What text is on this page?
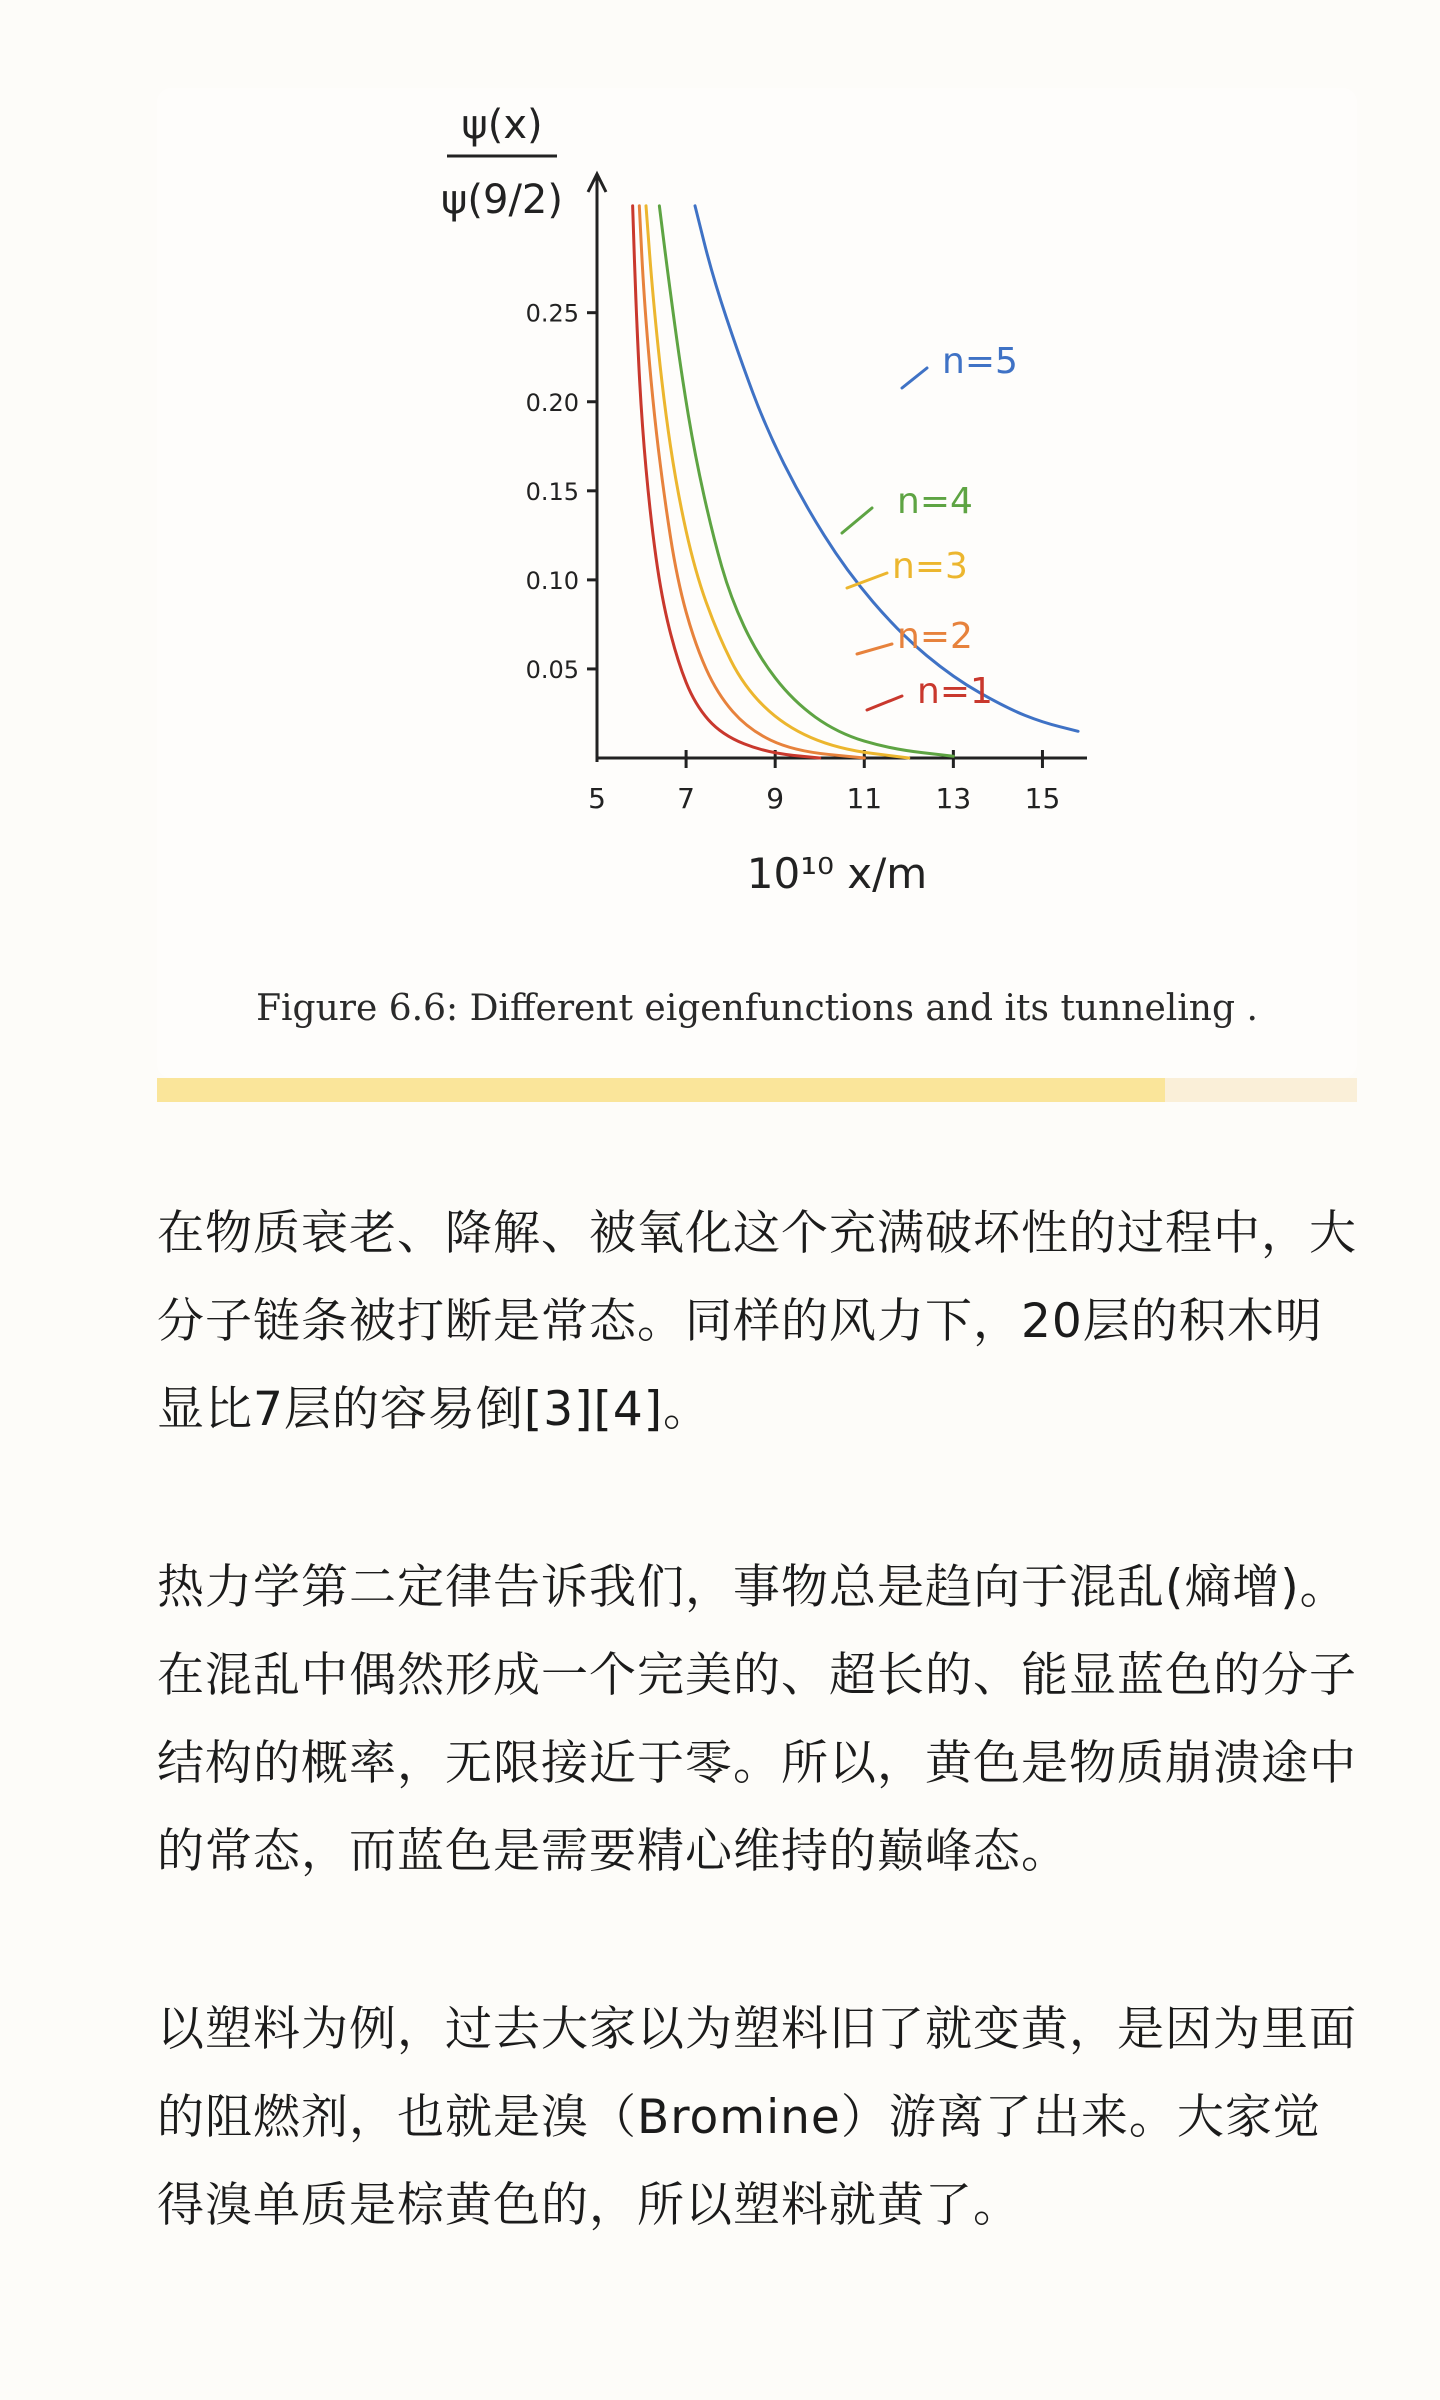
ψ(x)
ψ(9/2)
0.05
0.10
0.15
0.20
0.25
5	7	9 11 13 15
10¹⁰ x/m
n=5
n=4
n=3
n=2
n=1
Figure 6.6: Different eigenfunctions and its tunneling .

在物质衰老、降解、被氧化这个充满破坏性的过程中，大分子链条被打断是常态。同样的风力下，20层的积木明显比7层的容易倒[3][4]。

热力学第二定律告诉我们，事物总是趋向于混乱(熵增)。在混乱中偶然形成一个完美的、超长的、能显蓝色的分子结构的概率，无限接近于零。所以，黄色是物质崩溃途中的常态，而蓝色是需要精心维持的巅峰态。

以塑料为例，过去大家以为塑料旧了就变黄，是因为里面的阻燃剂，也就是溴（Bromine）游离了出来。大家觉得溴单质是棕黄色的，所以塑料就黄了。
